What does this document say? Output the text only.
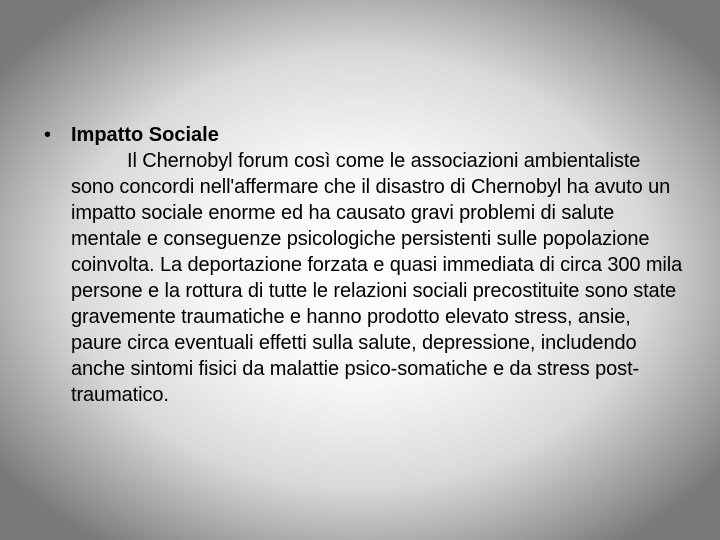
• Impatto Sociale
Il Chernobyl forum così come le associazioni ambientaliste sono concordi nell'affermare che il disastro di Chernobyl ha avuto un impatto sociale enorme ed ha causato gravi problemi di salute mentale e conseguenze psicologiche persistenti sulle popolazione coinvolta. La deportazione forzata e quasi immediata di circa 300 mila persone e la rottura di tutte le relazioni sociali precostituite sono state gravemente traumatiche e hanno prodotto elevato stress, ansie, paure circa eventuali effetti sulla salute, depressione, includendo anche sintomi fisici da malattie psico-somatiche e da stress post-traumatico.
